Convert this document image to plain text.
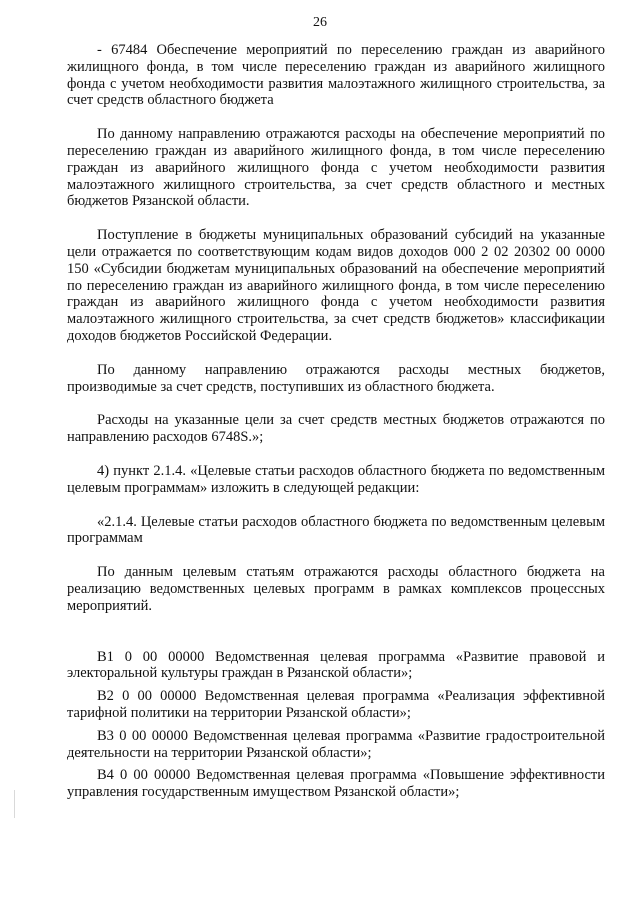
26

- 67484 Обеспечение мероприятий по переселению граждан из аварийного жилищного фонда, в том числе переселению граждан из аварийного жилищного фонда с учетом необходимости развития малоэтажного жилищного строительства, за счет средств областного бюджета

По данному направлению отражаются расходы на обеспечение мероприятий по переселению граждан из аварийного жилищного фонда, в том числе переселению граждан из аварийного жилищного фонда с учетом необходимости развития малоэтажного жилищного строительства, за счет средств областного и местных бюджетов Рязанской области.

Поступление в бюджеты муниципальных образований субсидий на указанные цели отражается по соответствующим кодам видов доходов 000 2 02 20302 00 0000 150 «Субсидии бюджетам муниципальных образований на обеспечение мероприятий по переселению граждан из аварийного жилищного фонда, в том числе переселению граждан из аварийного жилищного фонда с учетом необходимости развития малоэтажного жилищного строительства, за счет средств бюджетов» классификации доходов бюджетов Российской Федерации.

По данному направлению отражаются расходы местных бюджетов, производимые за счет средств, поступивших из областного бюджета.

Расходы на указанные цели за счет средств местных бюджетов отражаются по направлению расходов 6748S.»;

4) пункт 2.1.4. «Целевые статьи расходов областного бюджета по ведомственным целевым программам» изложить в следующей редакции:

«2.1.4. Целевые статьи расходов областного бюджета по ведомственным целевым программам

По данным целевым статьям отражаются расходы областного бюджета на реализацию ведомственных целевых программ в рамках комплексов процессных мероприятий.

В1 0 00 00000 Ведомственная целевая программа «Развитие правовой и электоральной культуры граждан в Рязанской области»;

В2 0 00 00000 Ведомственная целевая программа «Реализация эффективной тарифной политики на территории Рязанской области»;

В3 0 00 00000 Ведомственная целевая программа «Развитие градостроительной деятельности на территории Рязанской области»;

В4 0 00 00000 Ведомственная целевая программа «Повышение эффективности управления государственным имуществом Рязанской области»;
